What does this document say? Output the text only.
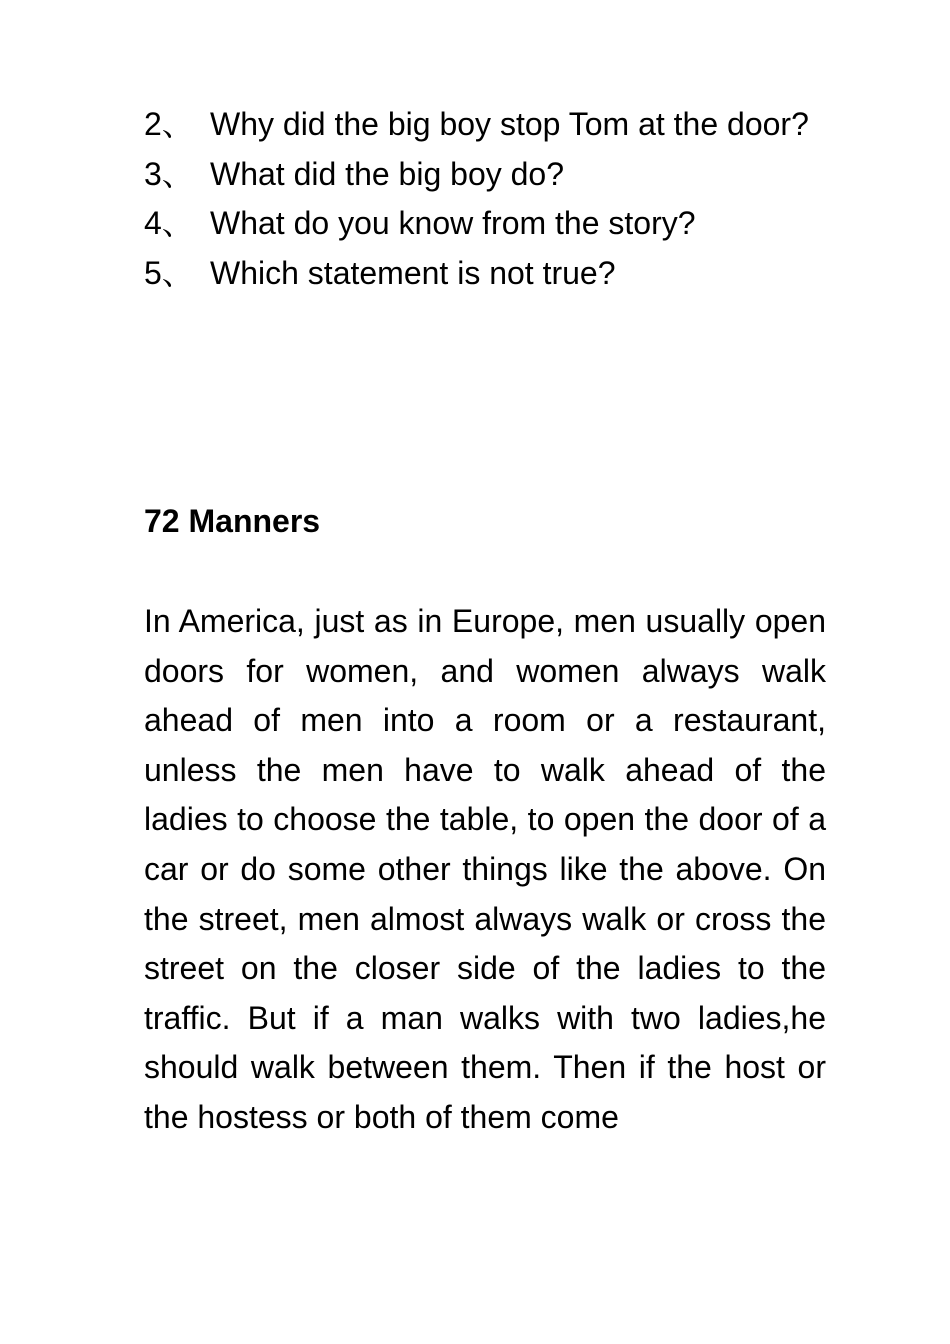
2、 Why did the big boy stop Tom at the door?
3、 What did the big boy do?
4、 What do you know from the story?
5、 Which statement is not true?
72 Manners

In America, just as in Europe, men usually open doors for women, and women always walk ahead of men into a room or a restaurant, unless the men have to walk ahead of the ladies to choose the table, to open the door of a car or do some other things like the above. On the street, men almost always walk or cross the street on the closer side of the ladies to the traffic. But if a man walks with two ladies,he should walk between them. Then if the host or the hostess or both of them come
